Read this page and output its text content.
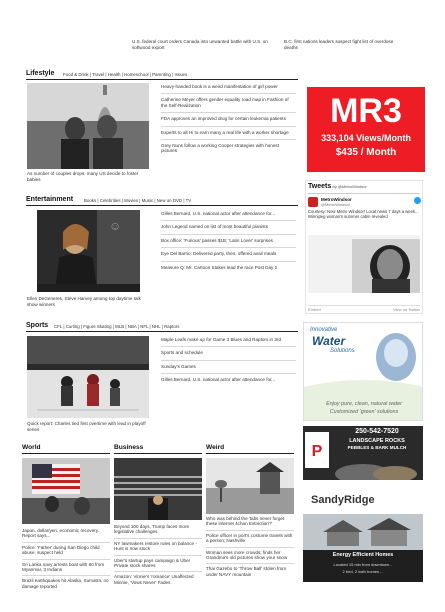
U.S. federal court orders Canada into unwanted battle with U.S. on softwood export
B.C. first nations leaders suspect fight list of overdose deaths
Lifestyle	Food & Drink | Travel | Health | Homeschool | Parenting | Issues
As number of couples drops, many US decide to foster babies
Heavy-handed book is a weird manifestation of girl power
Catherine Meyer offers gender equality road map in Fashion of the Self-Realization
FDA approves an improved drug for certain leukemia patients
Experts to all Hi to earn many a real life with a worker shortage
Grey Nuns follow a working Cooper strategies with honest pictures
MR3
333,104 Views/Month
$435 / Month
Tweets by @MetroWindsor
MetroWindsor
@MetroWindsor
Courtesy: Now Metro Windsor! Local news 7 days a week... Winnipeg woman's summer cabin revealed
Embed	View on Twitter
Entertainment Books | Celebrities | Movies | Music | New on DVD | TV
☺
Ellen DeGeneres, Steve Harvey among top daytime talk show winners
Gilles Bernard, U.S. national actor after attendance for...
John Legend named on list of most beautiful pianists
Box office: 'Furious' passes $1B; 'Latin Lover' surprises
Eye Del Barrio: Delivered party, then, offered avail meals
Measure Q: Mr. Cartoon Stakes lead the race Post Day 2
Sports CFL | Curling | Figure Skating | MLB | NBA | NFL | NHL | Raptors
Quick report: Charles tied first overtime with lead in playoff series
Maple Leafs make up for Game 3 Blues and Raptors in 3rd
Sports and schedule
Sunday's Games
Gilles Bernard, U.S. national actor after attendance for...
Innovative
Water
Solutions
Enjoy pure, clean, natural water
Customized 'green' solutions
P
250-542-7520
LANDSCAPE ROCKS
PEBBLES & BARK MULCH
SandyRidge
Energy Efficient Homes
Located 15 min from downtown...
2 bed, 2 bath homes ...
World
Japan, dollar/yen, economic recovery. Report says...
Police: 'Father' during San Diego child abuse, suspect held
Sri Lanka navy arrests boat with 60 from Myanmar, 3 Indians
Brazil earthquakes hit Alaska, Sumatra, no damage reported
Business
Beyond 100 days, Trump faces more legislative challenges
NY lawmakers restore rules on balance - Hunt is now stuck
Uber's startup pays campaign & Uber Private stock shares
Amazon: Vinnie's 'romance' Unaffected Minnie, 'Vows Never' Fades
Weird
Who was behind the 'tabs never forget these internet 4chan Extinction?'
Police officer in port's costume travels with a person; Nashville
Woman sees more crowds; finds her Grandma's old pictures show your snow
Thai Gazebo to 'Throw Ball' stolen from under NAVY mountain
